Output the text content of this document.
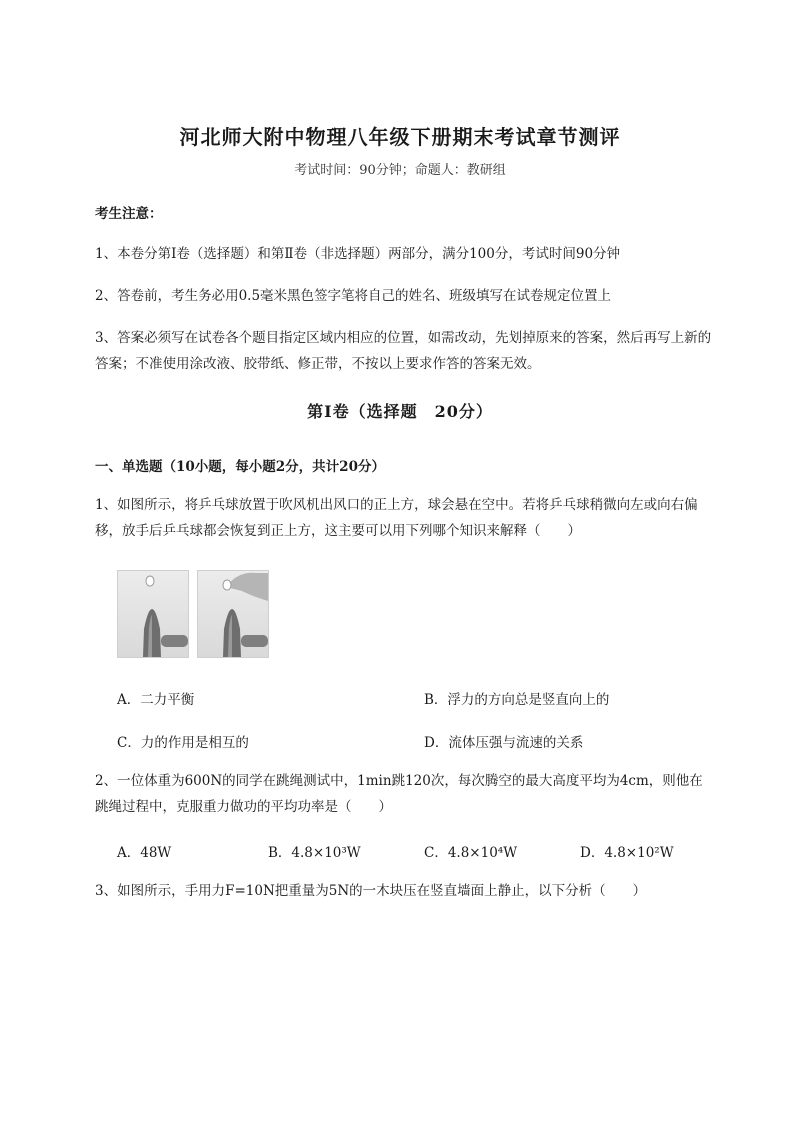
河北师大附中物理八年级下册期末考试章节测评
考试时间：90分钟；命题人：教研组
考生注意：
1、本卷分第Ⅰ卷（选择题）和第Ⅱ卷（非选择题）两部分，满分100分，考试时间90分钟
2、答卷前，考生务必用0.5毫米黑色签字笔将自己的姓名、班级填写在试卷规定位置上
3、答案必须写在试卷各个题目指定区域内相应的位置，如需改动，先划掉原来的答案，然后再写上新的答案；不准使用涂改液、胶带纸、修正带，不按以上要求作答的答案无效。
第Ⅰ卷（选择题　20分）
一、单选题（10小题，每小题2分，共计20分）
1、如图所示，将乒乓球放置于吹风机出风口的正上方，球会悬在空中。若将乒乓球稍微向左或向右偏移，放手后乒乓球都会恢复到正上方，这主要可以用下列哪个知识来解释（　　）
A．二力平衡	B．浮力的方向总是竖直向上的
C．力的作用是相互的	D．流体压强与流速的关系
2、一位体重为600N的同学在跳绳测试中，1min跳120次，每次腾空的最大高度平均为4cm，则他在跳绳过程中，克服重力做功的平均功率是（　　）
A．48W	B．4.8×10³W	C．4.8×10⁴W	D．4.8×10²W
3、如图所示，手用力F=10N把重量为5N的一木块压在竖直墙面上静止，以下分析（　　）
